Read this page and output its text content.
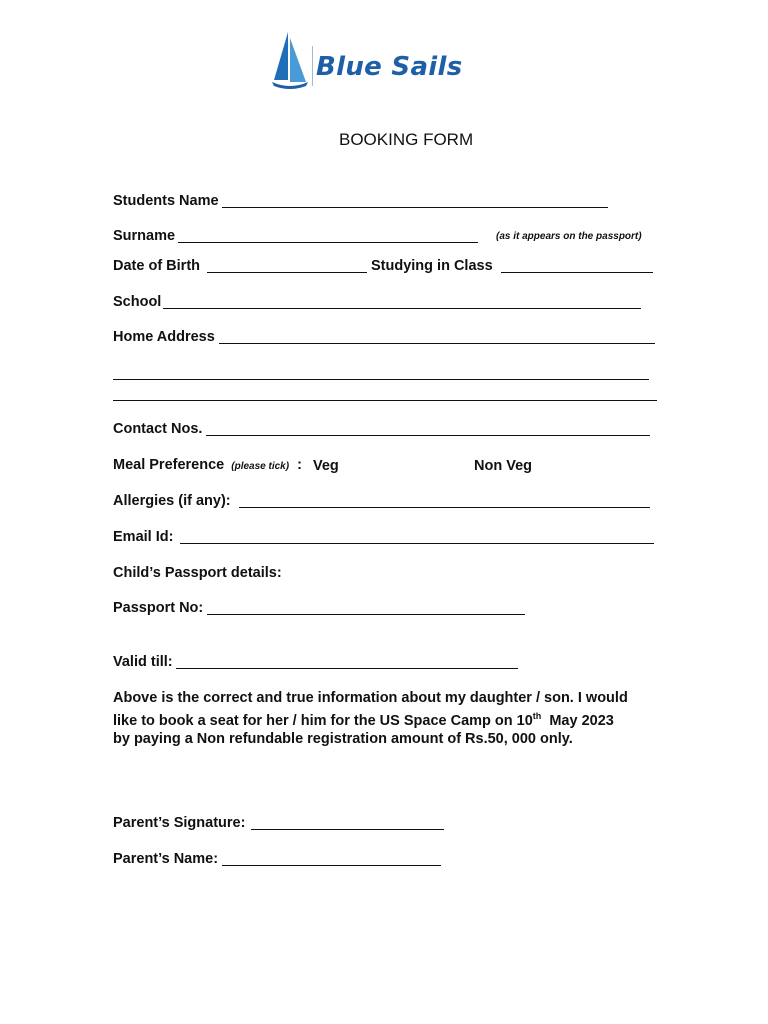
Blue Sails
BOOKING FORM
Students Name
Surname	(as it appears on the passport)
Date of Birth	Studying in Class
School
Home Address
Contact Nos.
Meal Preference (please tick) : Veg	Non Veg
Allergies (if any):
Email Id:
Child’s Passport details:
Passport No:
Valid till:
Above is the correct and true information about my daughter / son. I would
like to book a seat for her / him for the US Space Camp on 10th  May 2023
by paying a Non refundable registration amount of Rs.50, 000 only.
Parent’s Signature:
Parent’s Name:
